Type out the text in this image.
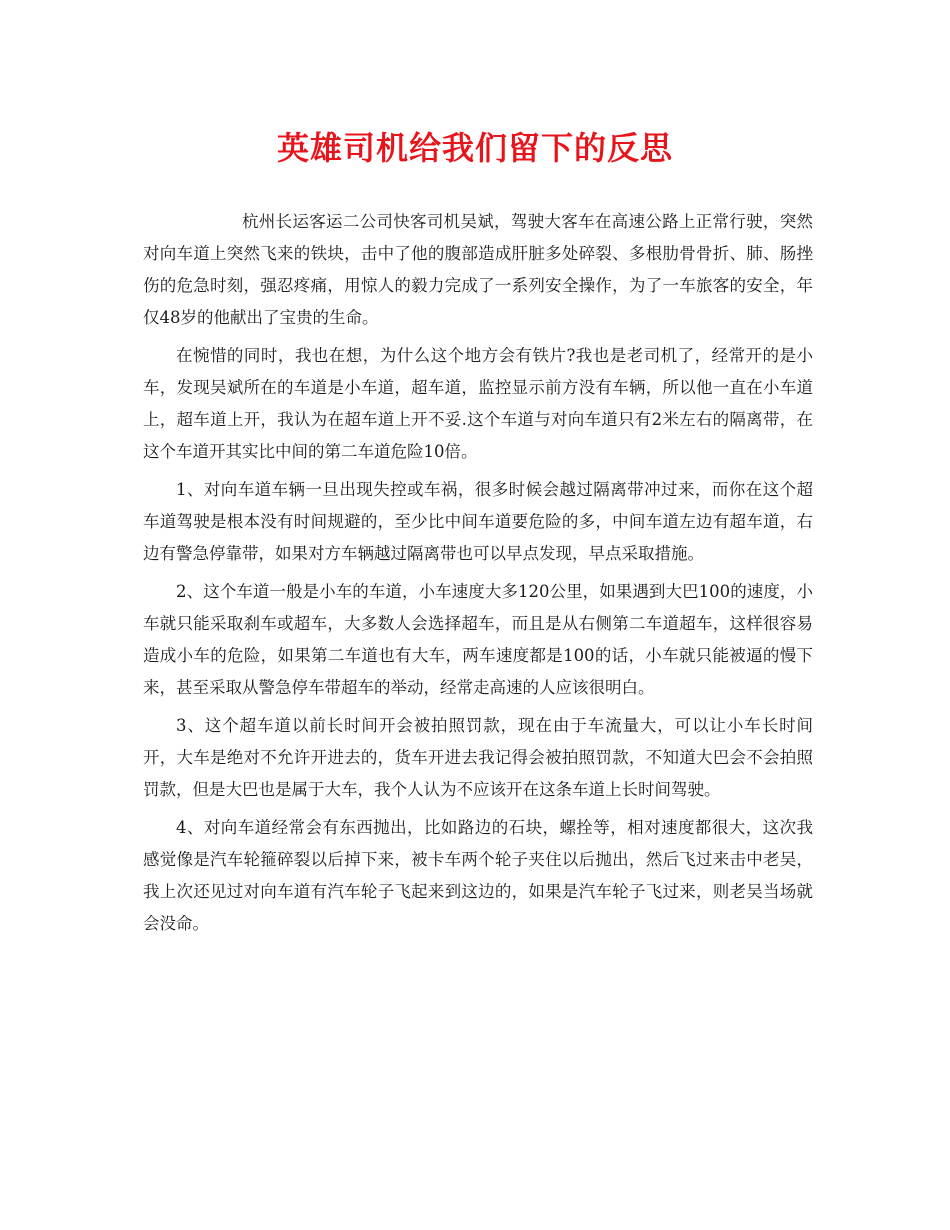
英雄司机给我们留下的反思

杭州长运客运二公司快客司机吴斌，驾驶大客车在高速公路上正常行驶，突然对向车道上突然飞来的铁块，击中了他的腹部造成肝脏多处碎裂、多根肋骨骨折、肺、肠挫伤的危急时刻，强忍疼痛，用惊人的毅力完成了一系列安全操作，为了一车旅客的安全，年仅48岁的他献出了宝贵的生命。

在惋惜的同时，我也在想，为什么这个地方会有铁片?我也是老司机了，经常开的是小车，发现吴斌所在的车道是小车道，超车道，监控显示前方没有车辆，所以他一直在小车道上，超车道上开，我认为在超车道上开不妥.这个车道与对向车道只有2米左右的隔离带，在这个车道开其实比中间的第二车道危险10倍。

1、对向车道车辆一旦出现失控或车祸，很多时候会越过隔离带冲过来，而你在这个超车道驾驶是根本没有时间规避的，至少比中间车道要危险的多，中间车道左边有超车道，右边有警急停靠带，如果对方车辆越过隔离带也可以早点发现，早点采取措施。

2、这个车道一般是小车的车道，小车速度大多120公里，如果遇到大巴100的速度，小车就只能采取刹车或超车，大多数人会选择超车，而且是从右侧第二车道超车，这样很容易造成小车的危险，如果第二车道也有大车，两车速度都是100的话，小车就只能被逼的慢下来，甚至采取从警急停车带超车的举动，经常走高速的人应该很明白。

3、这个超车道以前长时间开会被拍照罚款，现在由于车流量大，可以让小车长时间开，大车是绝对不允许开进去的，货车开进去我记得会被拍照罚款，不知道大巴会不会拍照罚款，但是大巴也是属于大车，我个人认为不应该开在这条车道上长时间驾驶。

4、对向车道经常会有东西抛出，比如路边的石块，螺拴等，相对速度都很大，这次我感觉像是汽车轮箍碎裂以后掉下来，被卡车两个轮子夹住以后抛出，然后飞过来击中老吴，我上次还见过对向车道有汽车轮子飞起来到这边的，如果是汽车轮子飞过来，则老吴当场就会没命。
